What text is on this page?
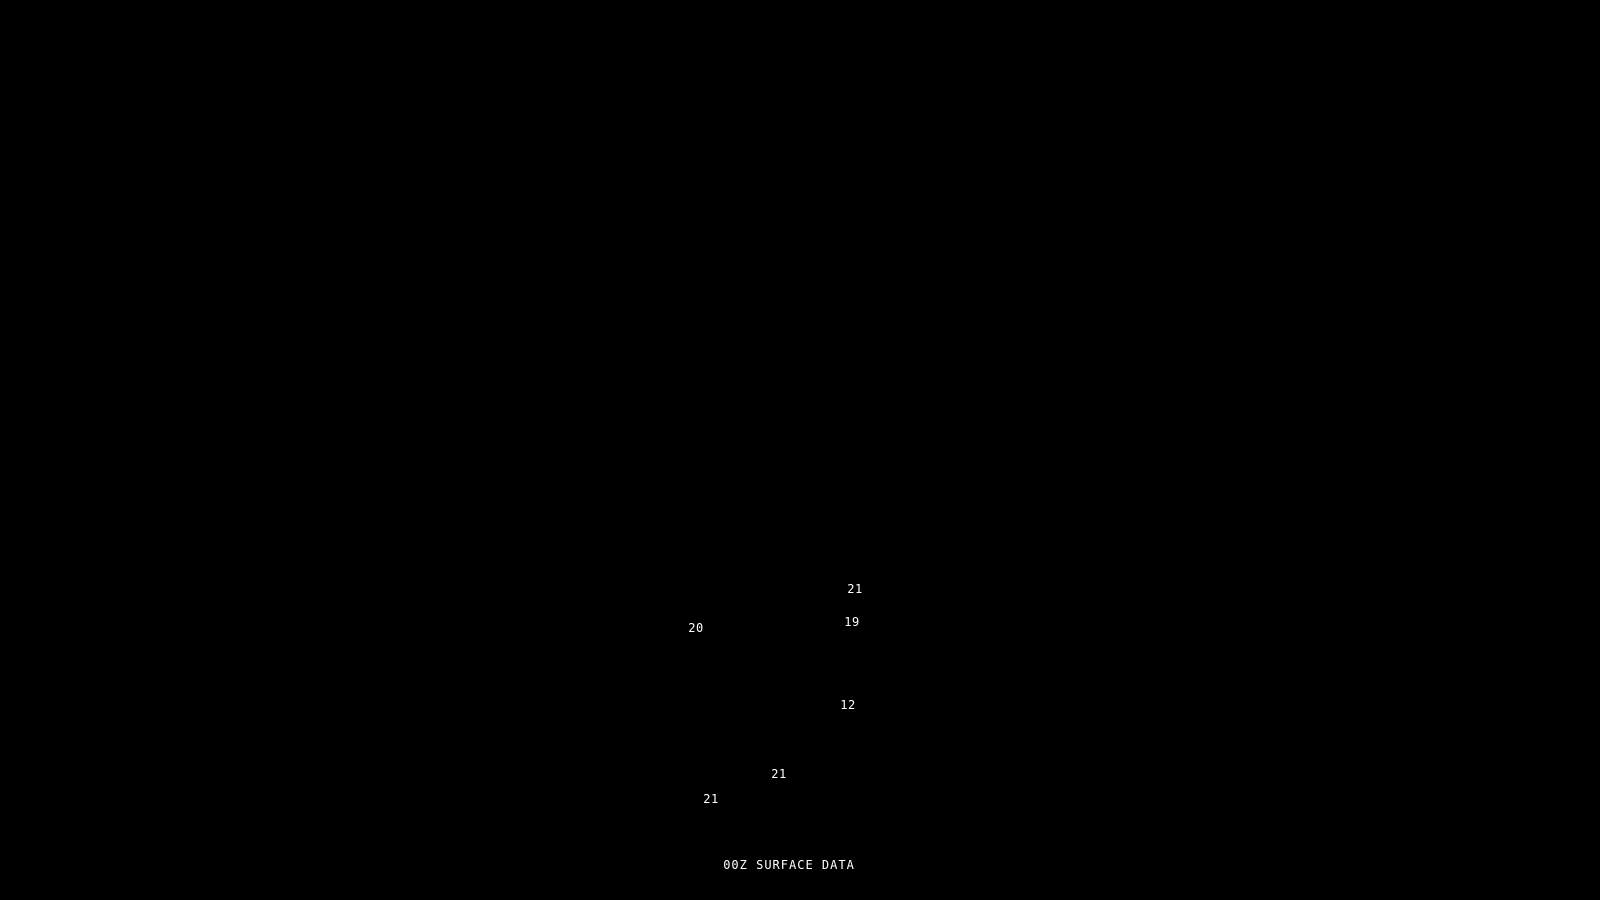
21
19
20
12
21
21
00Z SURFACE DATA
